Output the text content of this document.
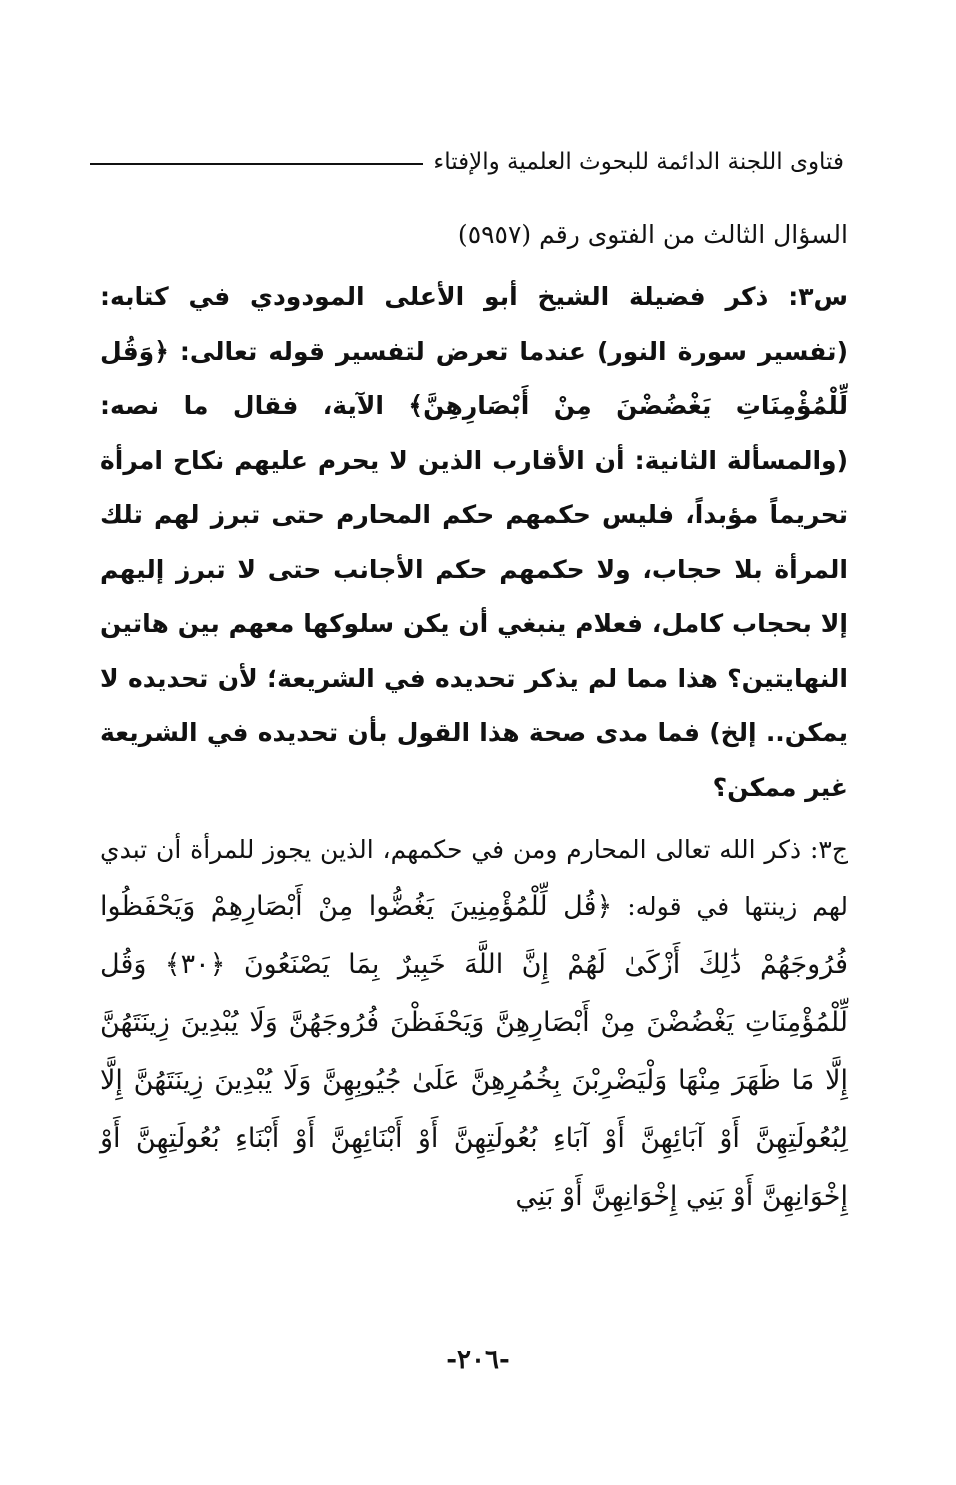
فتاوى اللجنة الدائمة للبحوث العلمية والإفتاء

السؤال الثالث من الفتوى رقم (٥٩٥٧)

س٣: ذكر فضيلة الشيخ أبو الأعلى المودودي في كتابه: (تفسير سورة النور) عندما تعرض لتفسير قوله تعالى: ﴿وَقُل لِّلْمُؤْمِنَاتِ يَغْضُضْنَ مِنْ أَبْصَارِهِنَّ﴾ الآية، فقال ما نصه: (والمسألة الثانية: أن الأقارب الذين لا يحرم عليهم نكاح امرأة تحريماً مؤبداً، فليس حكمهم حكم المحارم حتى تبرز لهم تلك المرأة بلا حجاب، ولا حكمهم حكم الأجانب حتى لا تبرز إليهم إلا بحجاب كامل، فعلام ينبغي أن يكن سلوكها معهم بين هاتين النهايتين؟ هذا مما لم يذكر تحديده في الشريعة؛ لأن تحديده لا يمكن.. إلخ) فما مدى صحة هذا القول بأن تحديده في الشريعة غير ممكن؟

ج٣: ذكر الله تعالى المحارم ومن في حكمهم، الذين يجوز للمرأة أن تبدي لهم زينتها في قوله: ﴿قُل لِّلْمُؤْمِنِينَ يَغُضُّوا مِنْ أَبْصَارِهِمْ وَيَحْفَظُوا فُرُوجَهُمْ ذَٰلِكَ أَزْكَىٰ لَهُمْ إِنَّ اللَّهَ خَبِيرٌ بِمَا يَصْنَعُونَ ﴿٣٠﴾ وَقُل لِّلْمُؤْمِنَاتِ يَغْضُضْنَ مِنْ أَبْصَارِهِنَّ وَيَحْفَظْنَ فُرُوجَهُنَّ وَلَا يُبْدِينَ زِينَتَهُنَّ إِلَّا مَا ظَهَرَ مِنْهَا وَلْيَضْرِبْنَ بِخُمُرِهِنَّ عَلَىٰ جُيُوبِهِنَّ وَلَا يُبْدِينَ زِينَتَهُنَّ إِلَّا لِبُعُولَتِهِنَّ أَوْ آبَائِهِنَّ أَوْ آبَاءِ بُعُولَتِهِنَّ أَوْ أَبْنَائِهِنَّ أَوْ أَبْنَاءِ بُعُولَتِهِنَّ أَوْ إِخْوَانِهِنَّ أَوْ بَنِي إِخْوَانِهِنَّ أَوْ بَنِي

-٢٠٦-
